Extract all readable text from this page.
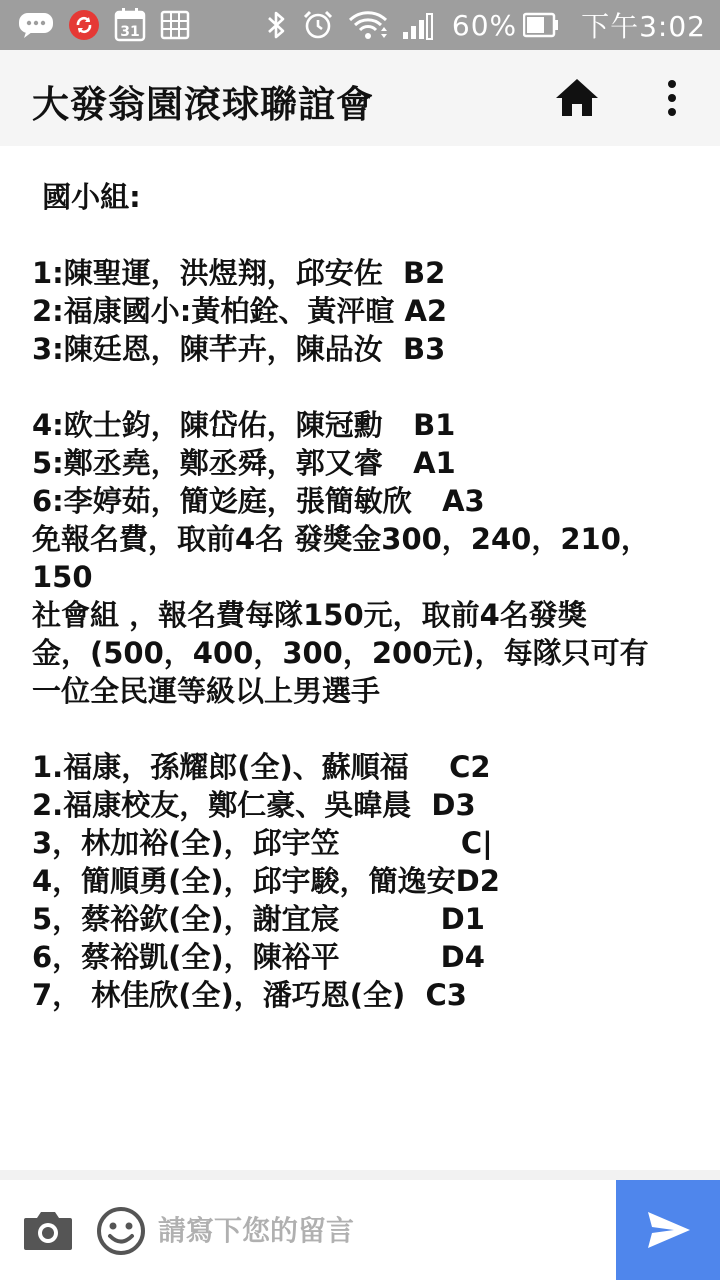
31	60% 下午3:02
大發翁園滾球聯誼會
國小組:
1:陳聖運，洪煜翔，邱安佐  B2
2:福康國小:黃柏銓、黃泙暄 A2
3:陳廷恩，陳芊卉，陳品汝  B3
4:欧士鈞，陳岱佑，陳冠勳   B1
5:鄭丞堯，鄭丞舜，郭又睿   A1
6:李婷茹，簡彣庭，張簡敏欣   A3
免報名費，取前4名 發獎金300，240，210，
150
社會組 ，報名費每隊150元，取前4名發獎
金，(500，400，300，200元)，每隊只可有
一位全民運等級以上男選手
1.福康，孫耀郎(全)、蘇順福    C2
2.福康校友，鄭仁豪、吳暐晨  D3
3，林加裕(全)，邱宇笠            C|
4，簡順勇(全)，邱宇駿，簡逸安D2
5，蔡裕欽(全)，謝宜宸          D1
6，蔡裕凱(全)，陳裕平          D4
7， 林佳欣(全)，潘巧恩(全)  C3
請寫下您的留言
